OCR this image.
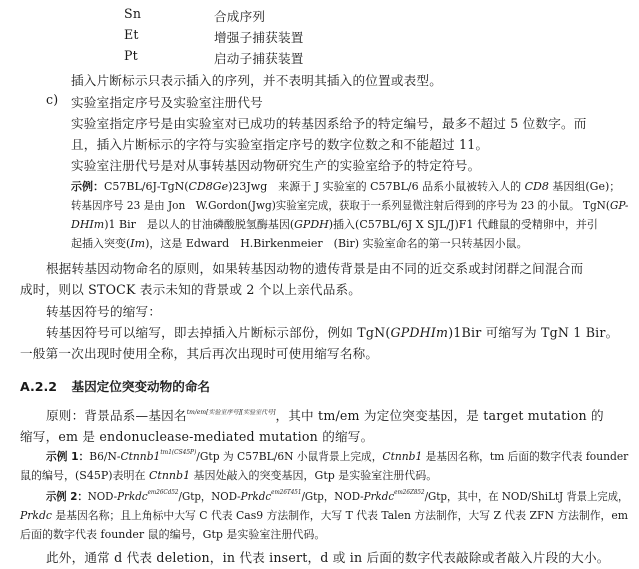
Sn	合成序列
Et	增强子捕获装置
Pt	启动子捕获装置
插入片断标示只表示插入的序列，并不表明其插入的位置或表型。
c) 实验室指定序号及实验室注册代号
实验室指定序号是由实验室对已成功的转基因系给予的特定编号，最多不超过 5 位数字。而
且，插入片断标示的字符与实验室指定序号的数字位数之和不能超过 11。
实验室注册代号是对从事转基因动物研究生产的实验室给予的特定符号。
示例：C57BL/6J-TgN(CD8Ge)23Jwg　来源于 J 实验室的 C57BL/6 品系小鼠被转入人的 CD8 基因组(Ge)；
转基因序号 23 是由 Jon　W.Gordon(Jwg)实验室完成，获取于一系列显微注射后得到的序号为 23 的小鼠。 TgN(GP-
DHIm)1 Bir　是以人的甘油磷酸脱氢酶基因(GPDH)插入(C57BL/6J X SJL/J)F1 代雌鼠的受精卵中，并引
起插入突变(Im)，这是 Edward　H.Birkenmeier　(Bir) 实验室命名的第一只转基因小鼠。
根据转基因动物命名的原则，如果转基因动物的遗传背景是由不同的近交系或封闭群之间混合而
成时，则以 STOCK 表示未知的背景或 2 个以上亲代品系。
转基因符号的缩写：
转基因符号可以缩写，即去掉插入片断标示部份，例如 TgN(GPDHIm)1Bir 可缩写为 TgN 1 Bir。
一般第一次出现时使用全称，其后再次出现时可使用缩写名称。
A.2.2 基因定位突变动物的命名
原则：背景品系—基因名$^{tm/em[实验室序号][实验室代号]}$，其中 tm/em 为定位突变基因，是 target mutation 的
缩写，em 是 endonuclease-mediated mutation 的缩写。
示例 1：$B6/N-Ctnnb1^{tm1(CS45P)}$/Gtp 为 C57BL/6N 小鼠背景上完成，Ctnnb1 是基因名称，tm 后面的数字代表 founder
鼠的编号，(S45P)表明在 Ctnnb1 基因处敲入的突变基因，Gtp 是实验室注册代码。
示例 2：NOD-Prkdc$^{em26Cd52}$/Gtp，NOD-Prkdc$^{em26T451}$/Gtp，NOD-Prkdc$^{em26Z852}$/Gtp，其中，在 NOD/ShiLtJ 背景上完成，
Prkdc 是基因名称；且上角标中大写 C 代表 Cas9 方法制作，大写 T 代表 Talen 方法制作，大写 Z 代表 ZFN 方法制作，em
后面的数字代表 founder 鼠的编号，Gtp 是实验室注册代码。
此外，通常 d 代表 deletion，in 代表 insert，d 或 in 后面的数字代表敲除或者敲入片段的大小。
